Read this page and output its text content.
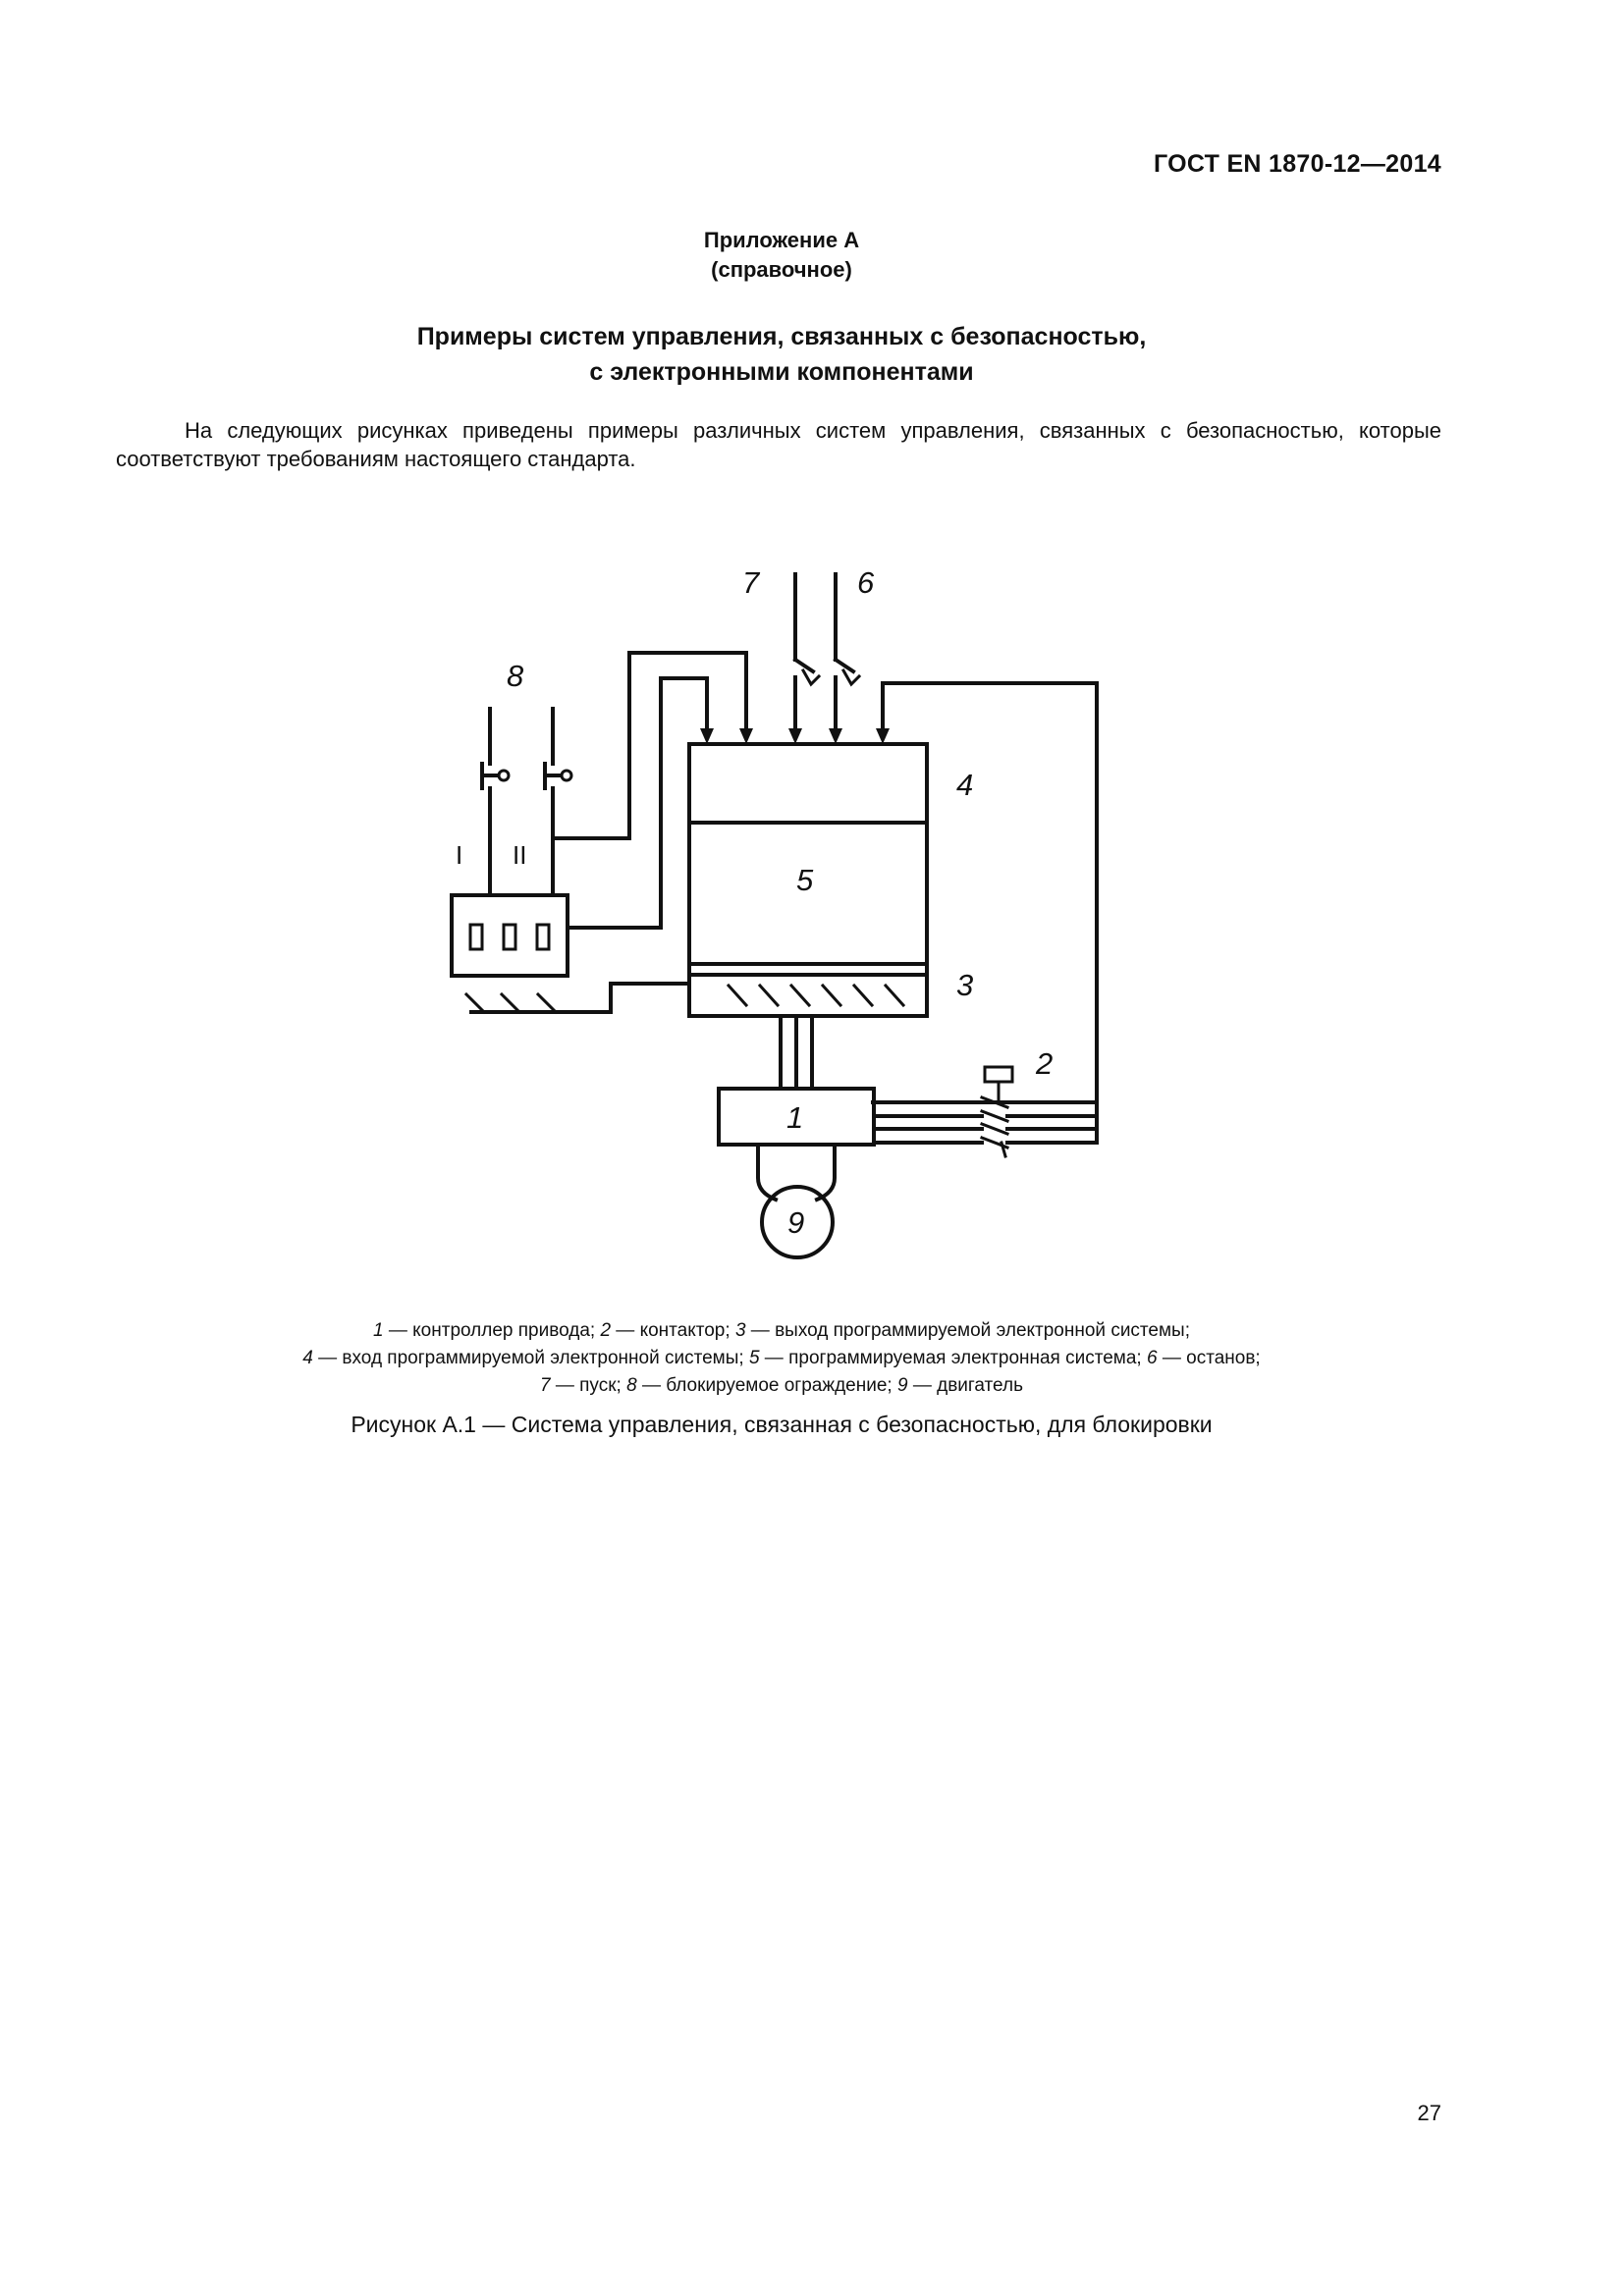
ГОСТ EN 1870-12—2014
Приложение А
(справочное)
Примеры систем управления, связанных с безопасностью,
с электронными компонентами

На следующих рисунках приведены примеры различных систем управления, связанных с безопасностью, которые соответствуют требованиям настоящего стандарта.

7	6
8
4
5
3
2
1
9
I II
1 — контроллер привода; 2 — контактор; 3 — выход программируемой электронной системы;
4 — вход программируемой электронной системы; 5 — программируемая электронная система; 6 — останов;
7 — пуск; 8 — блокируемое ограждение; 9 — двигатель
Рисунок А.1 — Система управления, связанная с безопасностью, для блокировки
27
